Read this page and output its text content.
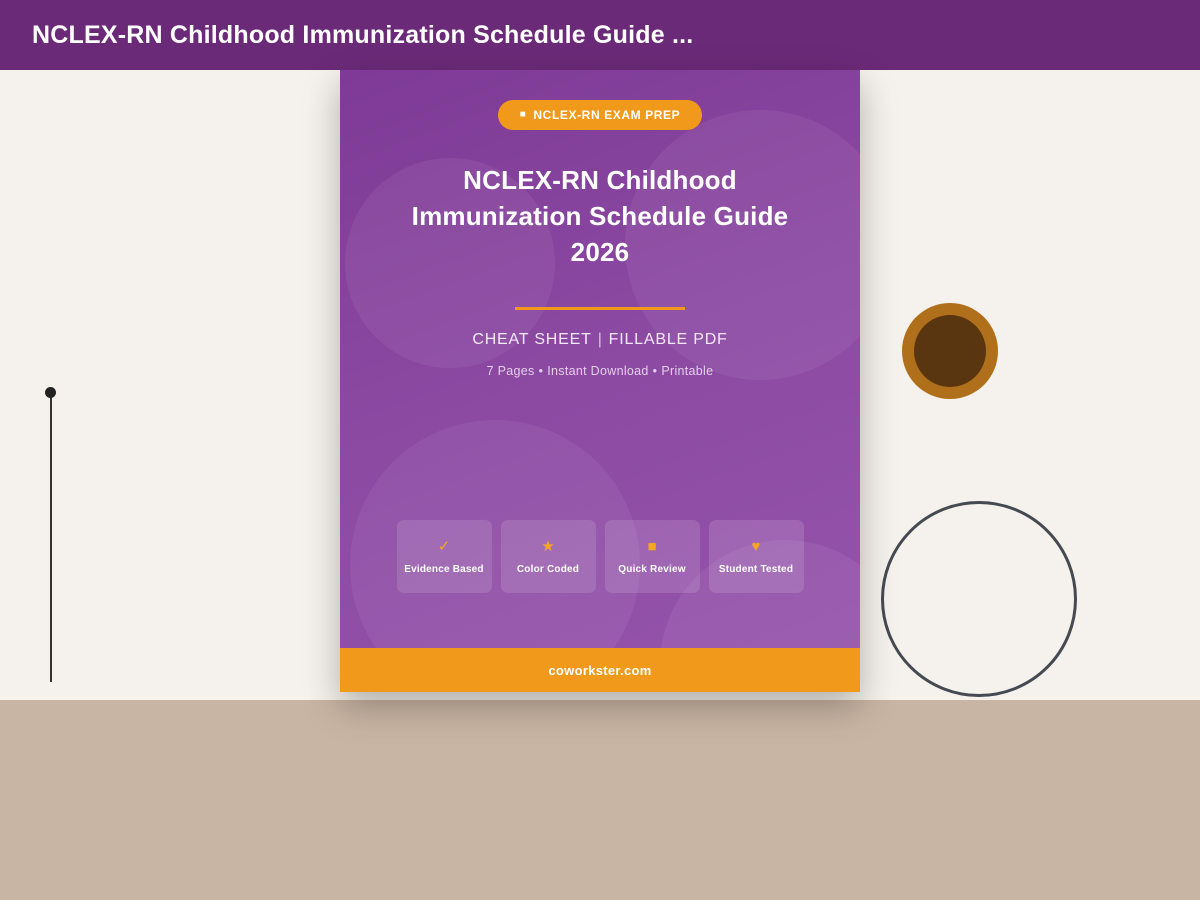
NCLEX-RN Childhood Immunization Schedule Guide ...
■ NCLEX-RN EXAM PREP
NCLEX-RN Childhood Immunization Schedule Guide 2026
CHEAT SHEET | FILLABLE PDF
7 Pages • Instant Download • Printable
✓
Evidence Based
★
Color Coded
■
Quick Review
♥
Student Tested
coworkster.com
